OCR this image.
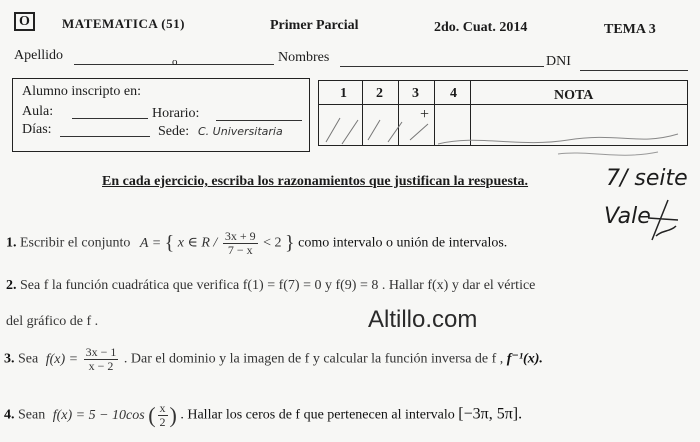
O	MATEMATICA (51)	Primer Parcial	2do. Cuat. 2014	TEMA 3
Apellido	o	Nombres	DNI
Alumno inscripto en:
Aula:	Horario:
Días:	Sede: C. Universitaria
1 2 3 4	NOTA
+
En cada ejercicio, escriba los razonamientos que justifican la respuesta.	7/ seite
Vale
1. Escribir el conjunto A = { x ∈ $R / \frac{3x + 9}{7 - x} < 2$ } como intervalo o unión de intervalos.
2. Sea f la función cuadrática que verifica f(1) = f(7) = 0 y f(9) = 8 . Hallar f(x) y dar el vértice
del gráfico de f .	Altillo.com
3. Sea $f(x) = \frac{3x - 1}{x - 2}$ . Dar el dominio y la imagen de f y calcular la función inversa de f , f⁻¹(x).
4. Sean f(x) = 5 − 10cos ( $\frac{x}{2}$ ) . Hallar los ceros de f que pertenecen al intervalo [−3π, 5π].
